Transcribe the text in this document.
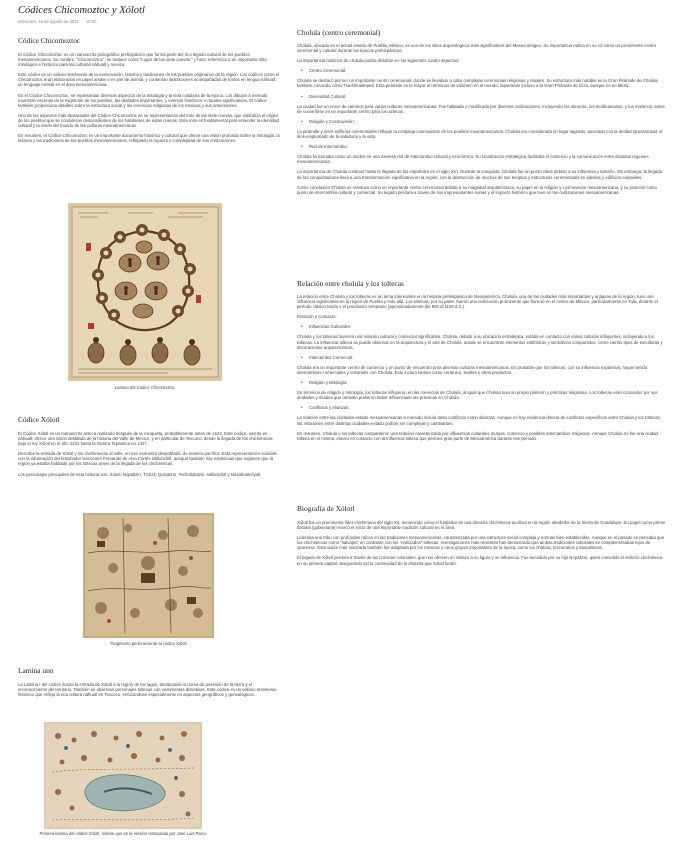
Códices Chicomoztoc y Xólotl
miércoles, 18 de agosto de 2021 18:00
Códice Chicomoztoc

El Códice Chicomoztoc es un manuscrito pictográfico prehispánico que forma parte del rico legado cultural de los pueblos mesoamericanos. Su nombre, "Chicomoztoc", se traduce como "Lugar de las siete cuevas," y hace referencia a un importante sitio mitológico e histórico para las culturas náhuatl y mexica.

Este códice es un valioso testimonio de la cosmovisión, historia y tradiciones de los pueblos originarios de la región. Los códices como el Chicomoztoc eran elaborados en papel amate o en piel de animal, y contenían ilustraciones acompañadas de textos en lengua náhuatl, un lenguaje central en el área mesoamericana.

En el Códice Chicomoztoc, se representan diversos aspectos de la mitología y la vida cotidiana de la época. Los dibujos a menudo muestran escenas de la migración de los pueblos, las deidades importantes, y eventos históricos o rituales significativos. El códice también proporciona detalles sobre la estructura social y las creencias religiosas de los mexicas y sus antecesores.

Uno de los aspectos más destacados del Códice Chicomoztoc es su representación del mito de las siete cuevas, que simboliza el origen de los pueblos que se consideran descendientes de los habitantes de estas cuevas. Este mito es fundamental para entender la identidad cultural y la visión del mundo de las culturas mesoamericanas.

En resumen, el Códice Chicomoztoc es un importante documento histórico y cultural que ofrece una visión profunda sobre la mitología, la historia y las tradiciones de los pueblos mesoamericanos, reflejando la riqueza y complejidad de sus civilizaciones.

Lamina del Códice Chicomoztoc
Códice Xólotl

El Códice Xólotl es un manuscrito azteca realizado después de la conquista, probablemente antes de 1542. Este códice, escrito en náhuatl, ofrece una visión detallada de la historia del Valle de México, y en particular de Texcoco, desde la llegada de los chichimecas bajo el rey Xólotl en el año 1224 hasta la Guerra Tepaneca en 1427.

Describe la entrada de Xólotl y los chichimecas al valle, en ese momento despoblado, de manera pacífica. Esta representación coincide con la información del historiador texcocano Fernando de Alva Cortés Ixtlilxóchitl, aunque también hay evidencias que sugieren que la región ya estaba habitada por los toltecas antes de la llegada de los chichimecas.

Los personajes principales de esta historia son: Xolotl, Nopaltzin, Tzotzil, Quinatzin, Techotlalatzin, Ixtlilxóchitl y Nezahualcóyotl.

Fragmento perteneciente al códice Xólotl
Lamina uno

La Lámina I del códice ilustra la entrada de Xólotl a la región de los lagos, destacando su toma de posesión de la tierra y el reconocimiento del territorio. También se observan personajes toltecas con vestimentas distintivas. Este códice es un valioso testimonio histórico que refleja la rica cultura náhuatl en Texcoco, enfocándose especialmente en aspectos geográficos y genealógicos.

Primera lamina del códice Xólotl, nótese que es la versión restaurada por José Luis Parco
Cholula (centro ceremonial)

Cholula, ubicada en el actual estado de Puebla, México, es uno de los sitios arqueológicos más significativos del Mesoo antiguo. Su importancia radica en su rol como un prominente centro ceremonial y cultural durante las épocas prehispánicas.

La importancia histórica de cholula podría dividirse en los siguientes cuatro aspectos:

• Centro Ceremonial:

Cholula se destacó por ser un importante centro ceremonial, donde se llevaban a cabo complejas ceremonias religiosas y rituales. Su estructura más notable es la Gran Pirámide de Cholula, también conocida como Tlachihualtepetl. Esta pirámide es la mayor en términos de volumen en el mundo, superando incluso a la Gran Pirámide de Giza, aunque no en altura.

• Diversidad Cultural:

La ciudad fue un cruce de caminos para varias culturas mesoamericanas. Fue habitada y modificada por diversas civilizaciones, incluyendo los olmecas, los teotihuacanos, y los mixtecos, antes de convertirse en un importante centro para los aztecas.

• Religión y Cosmovisión:

La pirámide y otros edificios ceremoniales reflejan la compleja cosmovisión de los pueblos mesoamericanos. Cholula era considerada un lugar sagrado, asociado con la deidad Quetzalcóatl, el dios emplumado de la sabiduría y la vida.

• Red de Intercambio:

Cholula funcionaba como un núcleo en una extensa red de intercambio cultural y económico. Su localización estratégica facilitaba el comercio y la comunicación entre distintas regiones mesoamericanas.

La importancia de Cholula continuó hasta la llegada de los españoles en el siglo XVI. Durante la conquista, Cholula fue un punto clave debido a su influencia y tamaño. Sin embargo, la llegada de los conquistadores llevó a una transformación significativa en la región, con la destrucción de muchos de sus templos y estructuras ceremoniales en iglesias y edificios coloniales.

Como conclusión Cholula se mantuvo como un importante centro ceremonial debido a su magnitud arquitectónica, su papel en la religión y cosmovisión mesoamericana, y su posición como punto de intercambio cultural y comercial. Su legado perdura a través de sus impresionantes ruinas y el impacto histórico que tuvo en las civilizaciones mesoamericanas.

Relación entre cholula y los toltecas

La relación entre Cholula y los toltecas es un tema interesante en la historia prehispánica de Mesoamérica. Cholula, una de las ciudades más importantes y antiguas de la región, tuvo una influencia significativa en la región de Puebla y más allá. Los toltecas, por su parte, fueron una civilización prominente que floreció en el centro de México, particularmente en Tula, durante el período clásico tardío y el posclásico temprano (aproximadamente del 900 al 1150 d.C.).

Relación y Contacto:

• Influencias Culturales:

Cholula y los toltecas tuvieron una relación cultural y comercial significativa. Cholula, debido a su ubicación estratégica, estaba en contacto con varias culturas influyentes, incluyendo a los toltecas. La influencia tolteca se puede observar en la arquitectura y el arte de Cholula, donde se encuentran elementos estilísticos y simbólicos compartidos, como ciertos tipos de esculturas y decoraciones arquitectónicas.

• Intercambio Comercial:

Cholula era un importante centro de comercio y un punto de encuentro para diversas culturas mesoamericanas. Es probable que los toltecas, con su influencia expansiva, hayan tenido intercambios comerciales y culturales con Cholula. Esto incluía bienes como cerámica, textiles y otros productos.

• Religión y Mitología:

En términos de religión y mitología, los toltecas influyeron en las creencias de Cholula, al igual que Cholula tuvo su propio panteón y prácticas religiosas. Los toltecas eran conocidos por sus deidades y rituales que también pudieron haber influenciado las prácticas en Cholula.

• Conflictos y Alianzas:

La relación entre las ciudades-estado mesoamericanas a menudo incluía tanto conflictos como alianzas. Aunque no hay evidencia directa de conflictos específicos entre Cholula y los toltecas, las relaciones entre distintas ciudades-estado podían ser complejas y cambiantes.

En resumen, Cholula y los toltecas compartieron una relación caracterizada por influencias culturales mutuas, comercio y posibles intercambios religiosos. Aunque Cholula no fue una ciudad tolteca en sí misma, estuvo en contacto con la influencia tolteca que permeó gran parte de Mesoamérica durante ese período.

Biografía de Xólotl

Xólotl fue un prominente líder chichimeca del siglo XII, reconocido como el fundador de una dinastía chichimeca-acolhua en la región alrededor de la Sierra de Guadalupe. Su papel como primer tlatoani (gobernante) marcó el inicio de una importante tradición cultural en el área.

Lideraba una tribu con profundas raíces en las tradiciones mesoamericanas, caracterizada por una estructura social compleja y normas bien establecidas. Aunque en el pasado se pensaba que los chichimecas como "salvajes" en contraste con los "civilizados" toltecas, investigaciones más recientes han demostrado que ambas tradiciones culturales se complementaban lejos de oponerse. Esta visión más matizada también fue adoptada por los mexicas y otros grupos importantes de la época, como los chalcas, texcocanos y tlaxcaltecas.

El legado de Xólotl perdura a través de las crónicas coloniales, que nos ofrecen un vistazo a su figura y su influencia. Fue sucedido por su hijo Nopaltzin, quien consolidó el señorío chichimeca en su primera capital, asegurando así la continuidad de la dinastía que Xólotl fundó.
